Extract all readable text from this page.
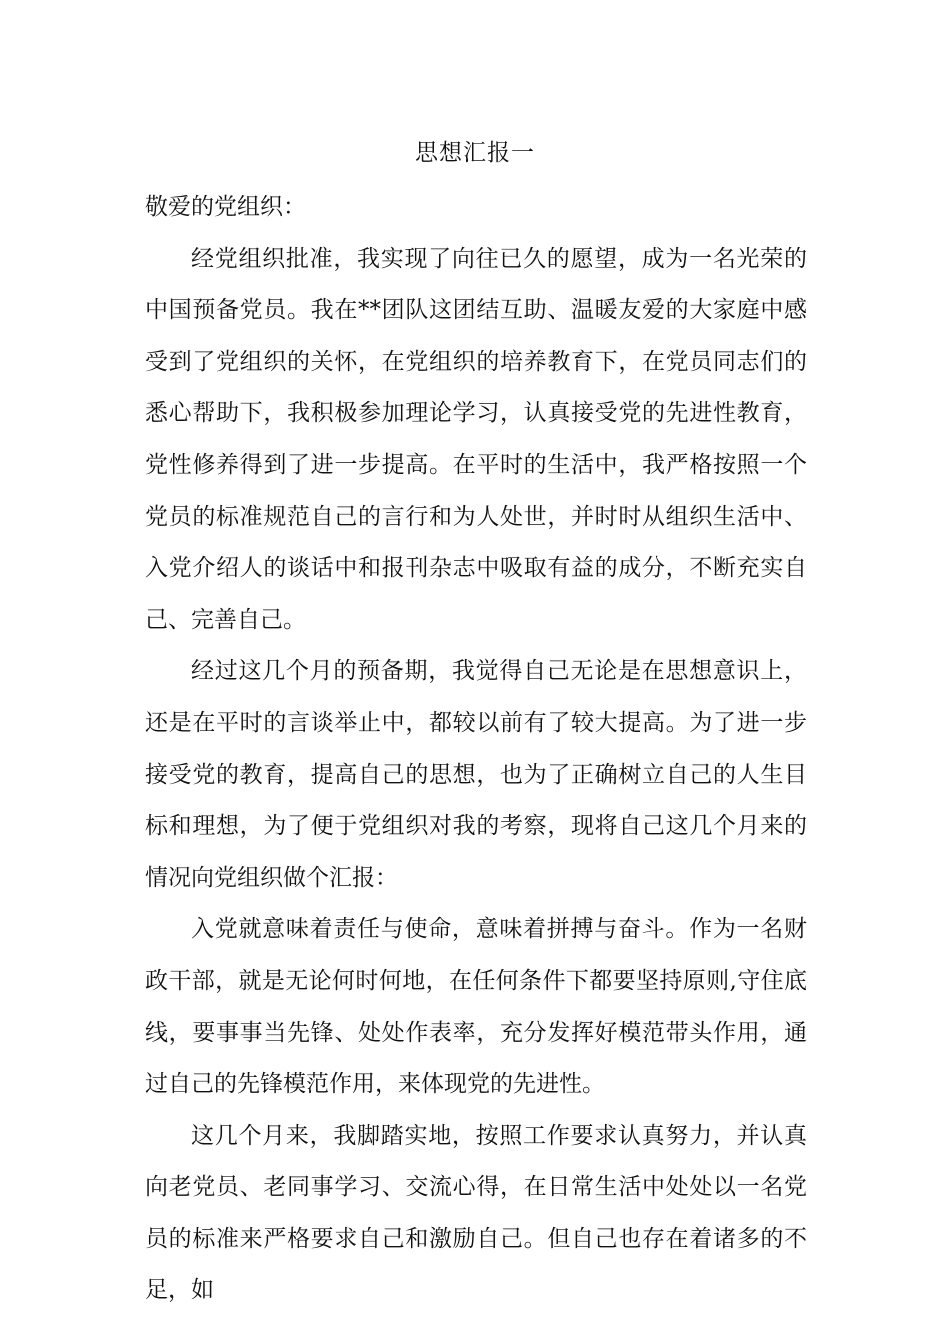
思想汇报一

敬爱的党组织：

经党组织批准，我实现了向往已久的愿望，成为一名光荣的中国预备党员。我在**团队这团结互助、温暖友爱的大家庭中感受到了党组织的关怀，在党组织的培养教育下，在党员同志们的悉心帮助下，我积极参加理论学习，认真接受党的先进性教育，党性修养得到了进一步提高。在平时的生活中，我严格按照一个党员的标准规范自己的言行和为人处世，并时时从组织生活中、入党介绍人的谈话中和报刊杂志中吸取有益的成分，不断充实自己、完善自己。

经过这几个月的预备期，我觉得自己无论是在思想意识上，还是在平时的言谈举止中，都较以前有了较大提高。为了进一步接受党的教育，提高自己的思想，也为了正确树立自己的人生目标和理想，为了便于党组织对我的考察，现将自己这几个月来的情况向党组织做个汇报：

入党就意味着责任与使命，意味着拼搏与奋斗。作为一名财政干部，就是无论何时何地，在任何条件下都要坚持原则,守住底线，要事事当先锋、处处作表率，充分发挥好模范带头作用，通过自己的先锋模范作用，来体现党的先进性。

这几个月来，我脚踏实地，按照工作要求认真努力，并认真向老党员、老同事学习、交流心得，在日常生活中处处以一名党员的标准来严格要求自己和激励自己。但自己也存在着诸多的不足，如
